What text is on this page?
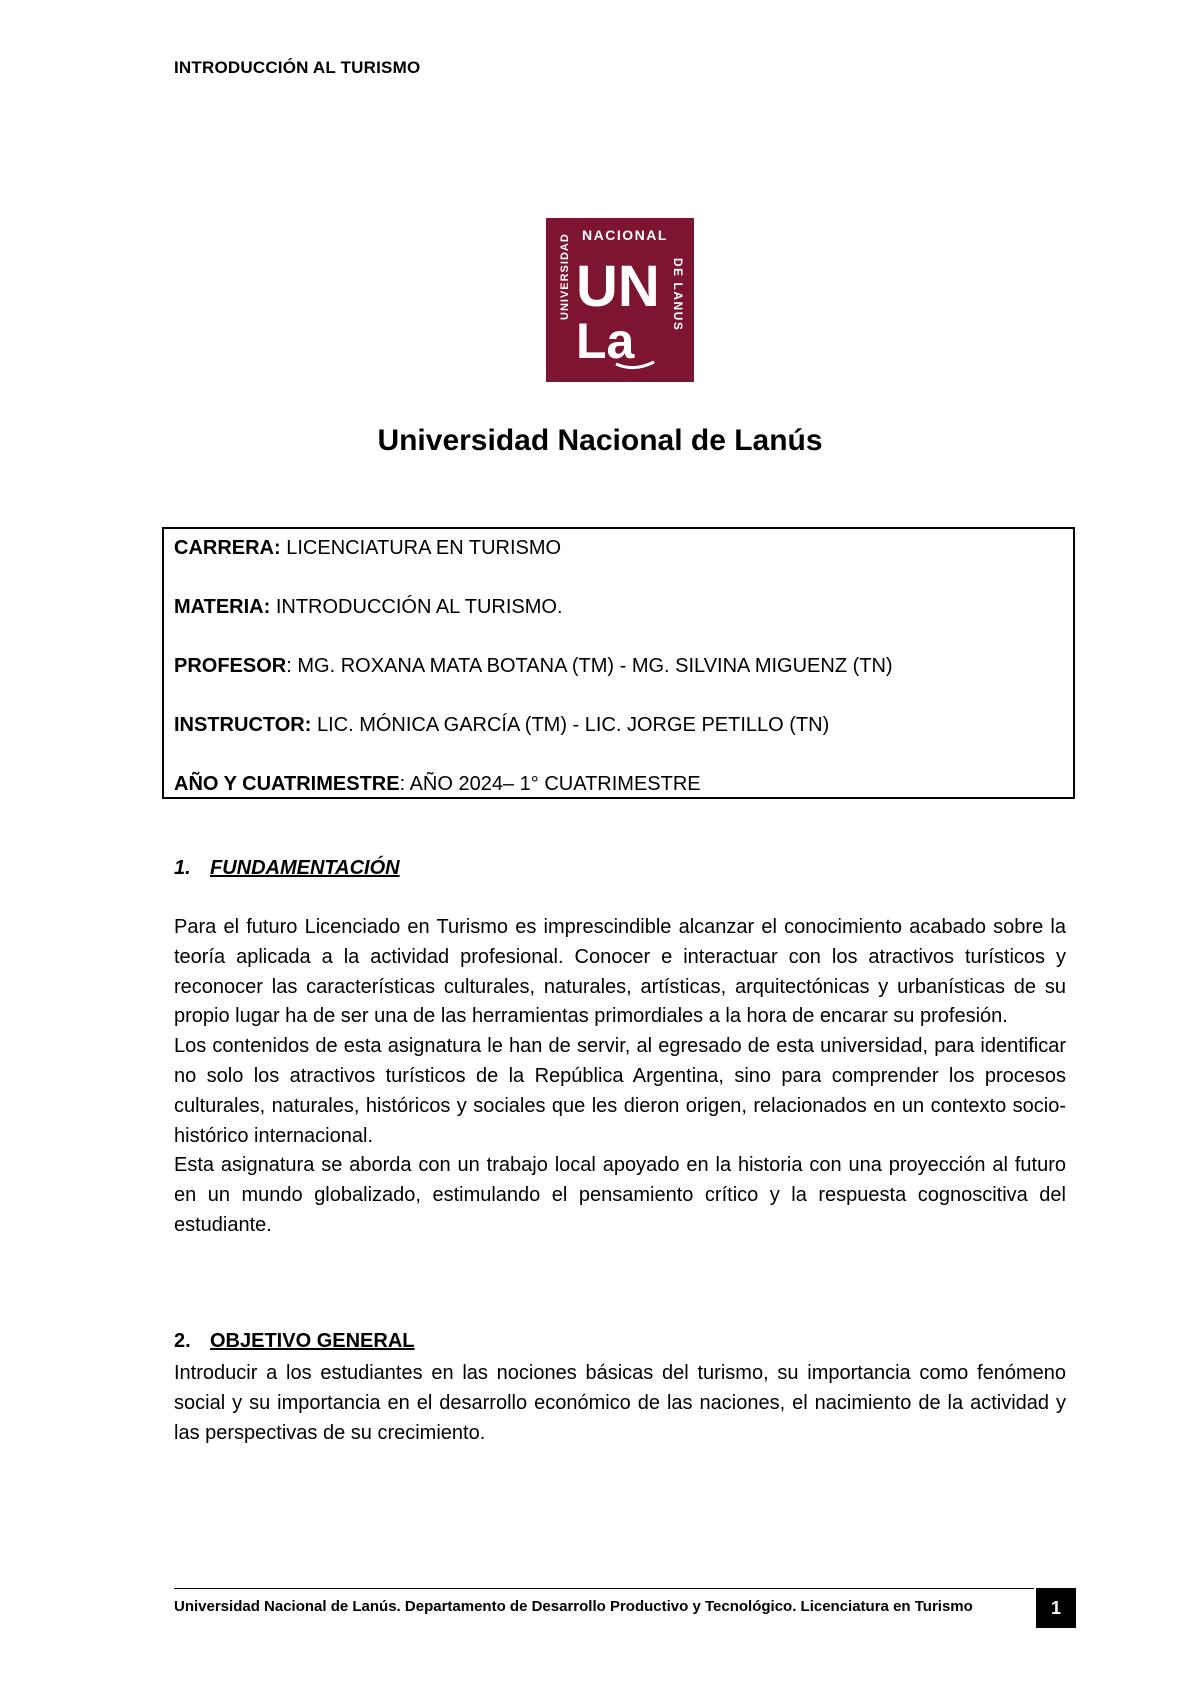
INTRODUCCIÓN AL TURISMO
NACIONAL
UNIVERSIDAD	DE LANUS
UN
La
Universidad Nacional de Lanús
CARRERA: LICENCIATURA EN TURISMO
MATERIA: INTRODUCCIÓN AL TURISMO.
PROFESOR: MG. ROXANA MATA BOTANA (TM) - MG. SILVINA MIGUENZ (TN)
INSTRUCTOR: LIC. MÓNICA GARCÍA (TM) - LIC. JORGE PETILLO (TN)
AÑO Y CUATRIMESTRE: AÑO 2024– 1° CUATRIMESTRE
1. FUNDAMENTACIÓN

Para el futuro Licenciado en Turismo es imprescindible alcanzar el conocimiento acabado sobre la teoría aplicada a la actividad profesional. Conocer e interactuar con los atractivos turísticos y reconocer las características culturales, naturales, artísticas, arquitectónicas y urbanísticas de su propio lugar ha de ser una de las herramientas primordiales a la hora de encarar su profesión.

Los contenidos de esta asignatura le han de servir, al egresado de esta universidad, para identificar no solo los atractivos turísticos de la República Argentina, sino para comprender los procesos culturales, naturales, históricos y sociales que les dieron origen, relacionados en un contexto socio-histórico internacional.

Esta asignatura se aborda con un trabajo local apoyado en la historia con una proyección al futuro en un mundo globalizado, estimulando el pensamiento crítico y la respuesta cognoscitiva del estudiante.

2. OBJETIVO GENERAL

Introducir a los estudiantes en las nociones básicas del turismo, su importancia como fenómeno social y su importancia en el desarrollo económico de las naciones, el nacimiento de la actividad y las perspectivas de su crecimiento.

Universidad Nacional de Lanús. Departamento de Desarrollo Productivo y Tecnológico. Licenciatura en Turismo	1
